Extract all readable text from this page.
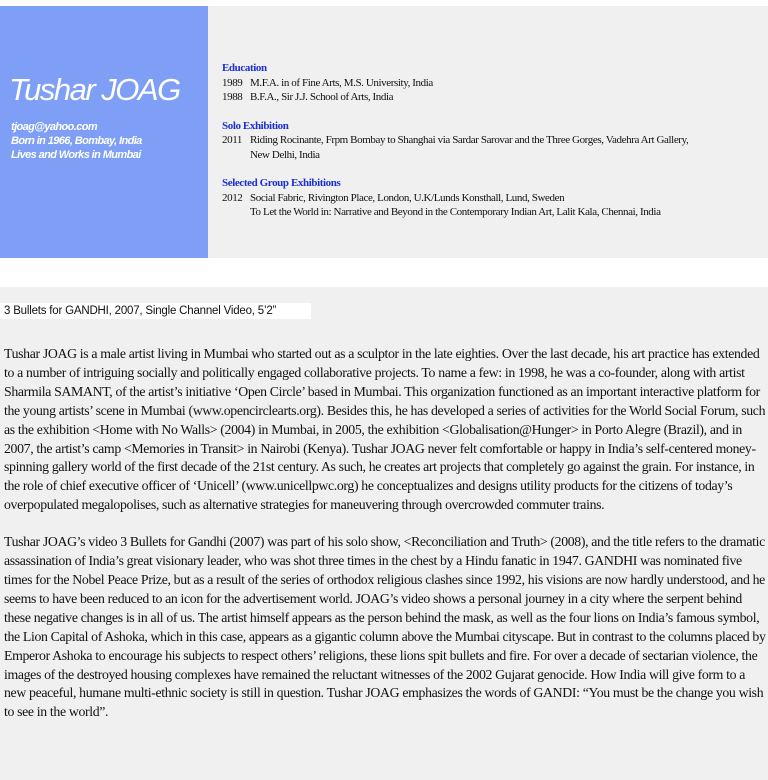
Tushar JOAG
tjoag@yahoo.com
Born in 1966, Bombay, India
Lives and Works in Mumbai
Education
1989 M.F.A. in of Fine Arts, M.S. University, India
1988 B.F.A., Sir J.J. School of Arts, India
Solo Exhibition
2011 Riding Rocinante, Frpm Bombay to Shanghai via Sardar Sarovar and the Three Gorges, Vadehra Art Gallery,
New Delhi, India
Selected Group Exhibitions
2012 Social Fabric, Rivington Place, London, U.K/Lunds Konsthall, Lund, Sweden
To Let the World in: Narrative and Beyond in the Contemporary Indian Art, Lalit Kala, Chennai, India
3 Bullets for GANDHI, 2007, Single Channel Video, 5’2”

Tushar JOAG is a male artist living in Mumbai who started out as a sculptor in the late eighties. Over the last decade, his art practice has extended to a number of intriguing socially and politically engaged collaborative projects. To name a few: in 1998, he was a co-founder, along with artist Sharmila SAMANT, of the artist’s initiative ‘Open Circle’ based in Mumbai. This organization functioned as an important interactive platform for the young artists’ scene in Mumbai (www.opencirclearts.org). Besides this, he has developed a series of activities for the World Social Forum, such as the exhibition <Home with No Walls> (2004) in Mumbai, in 2005, the exhibition <Globalisation@Hunger> in Porto Alegre (Brazil), and in 2007, the artist’s camp <Memories in Transit> in Nairobi (Kenya). Tushar JOAG never felt comfortable or happy in India’s self-centered money-spinning gallery world of the first decade of the 21st century. As such, he creates art projects that completely go against the grain. For instance, in the role of chief executive officer of ‘Unicell’ (www.unicellpwc.org) he conceptualizes and designs utility products for the citizens of today’s overpopulated megalopolises, such as alternative strategies for maneuvering through overcrowded commuter trains.

Tushar JOAG’s video 3 Bullets for Gandhi (2007) was part of his solo show, <Reconciliation and Truth> (2008), and the title refers to the dramatic assassination of India’s great visionary leader, who was shot three times in the chest by a Hindu fanatic in 1947. GANDHI was nominated five times for the Nobel Peace Prize, but as a result of the series of orthodox religious clashes since 1992, his visions are now hardly understood, and he seems to have been reduced to an icon for the advertisement world. JOAG’s video shows a personal journey in a city where the serpent behind these negative changes is in all of us. The artist himself appears as the person behind the mask, as well as the four lions on India’s famous symbol, the Lion Capital of Ashoka, which in this case, appears as a gigantic column above the Mumbai cityscape. But in contrast to the columns placed by Emperor Ashoka to encourage his subjects to respect others’ religions, these lions spit bullets and fire. For over a decade of sectarian violence, the images of the destroyed housing complexes have remained the reluctant witnesses of the 2002 Gujarat genocide. How India will give form to a new peaceful, humane multi-ethnic society is still in question. Tushar JOAG emphasizes the words of GANDI: “You must be the change you wish to see in the world”.
